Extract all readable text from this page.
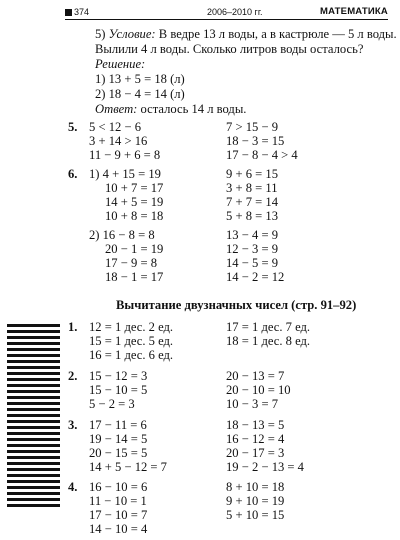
374	2006–2010 гг.	МАТЕМАТИКА
5) Условие: В ведре 13 л воды, а в кастрюле — 5 л воды.
Вылили 4 л воды. Сколько литров воды осталось?
Решение:
1) 13 + 5 = 18 (л)
2) 18 − 4 = 14 (л)
Ответ: осталось 14 л воды.
5. 5 < 12 − 6
3 + 14 > 16
11 − 9 + 6 = 8
7 > 15 − 9
18 − 3 = 15
17 − 8 − 4 > 4
6. 1) 4 + 15 = 19
10 + 7 = 17
14 + 5 = 19
10 + 8 = 18
9 + 6 = 15
3 + 8 = 11
7 + 7 = 14
5 + 8 = 13
2) 16 − 8 = 8
20 − 1 = 19
17 − 9 = 8
18 − 1 = 17
13 − 4 = 9
12 − 3 = 9
14 − 5 = 9
14 − 2 = 12
Вычитание двузначных чисел (стр. 91–92)
1. 12 = 1 дес. 2 ед.
15 = 1 дес. 5 ед.
16 = 1 дес. 6 ед.
17 = 1 дес. 7 ед.
18 = 1 дес. 8 ед.
2. 15 − 12 = 3
15 − 10 = 5
5 − 2 = 3
20 − 13 = 7
20 − 10 = 10
10 − 3 = 7
3. 17 − 11 = 6
19 − 14 = 5
20 − 15 = 5
14 + 5 − 12 = 7
18 − 13 = 5
16 − 12 = 4
20 − 17 = 3
19 − 2 − 13 = 4
4. 16 − 10 = 6
11 − 10 = 1
17 − 10 = 7
14 − 10 = 4
8 + 10 = 18
9 + 10 = 19
5 + 10 = 15
